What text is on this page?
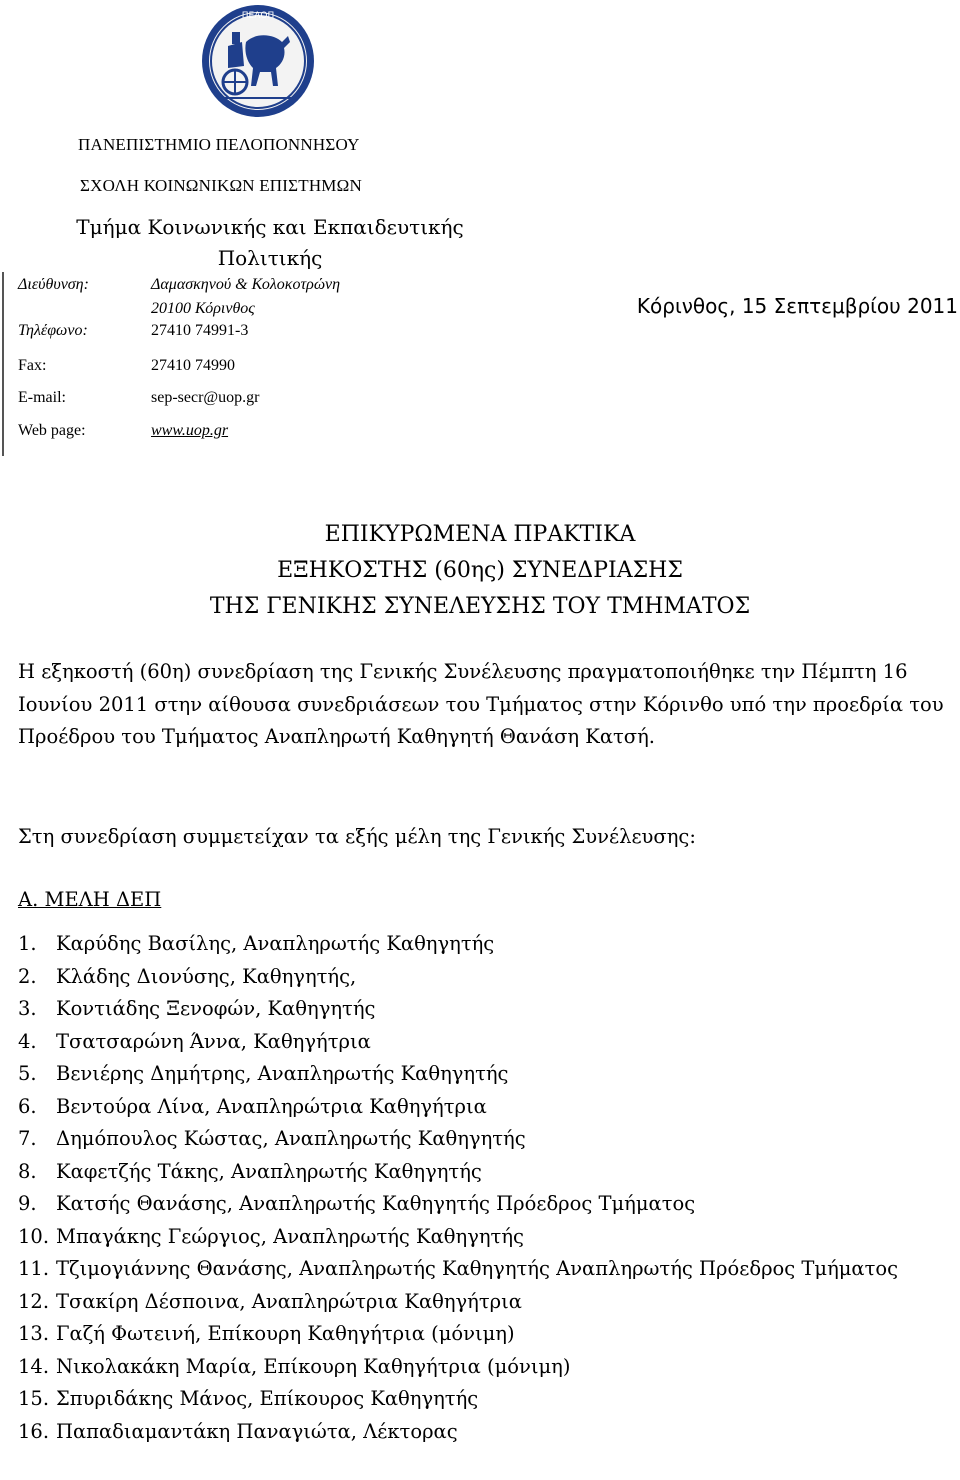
ΠΕΛΟΠ
ΠΑΝΕΠΙΣΤΗΜΙΟ ΠΕΛΟΠΟΝΝΗΣΟΥ
ΣΧΟΛΗ ΚΟΙΝΩΝΙΚΩΝ ΕΠΙΣΤΗΜΩΝ
Τμήμα Κοινωνικής και Εκπαιδευτικής
Πολιτικής
Διεύθυνση:	Δαμασκηνού & Κολοκοτρώνη
20100 Κόρινθος
Τηλέφωνο:	27410 74991-3
Fax:	27410 74990
E-mail:	sep-secr@uop.gr
Web page:	www.uop.gr
Κόρινθος, 15 Σεπτεμβρίου 2011
ΕΠΙΚΥΡΩΜΕΝΑ ΠΡΑΚΤΙΚΑ
ΕΞΗΚΟΣΤΗΣ (60ης) ΣΥΝΕΔΡΙΑΣΗΣ
ΤΗΣ ΓΕΝΙΚΗΣ ΣΥΝΕΛΕΥΣΗΣ ΤΟΥ ΤΜΗΜΑΤΟΣ
Η εξηκοστή (60η) συνεδρίαση της Γενικής Συνέλευσης πραγματοποιήθηκε την Πέμπτη 16 Ιουνίου 2011 στην αίθουσα συνεδριάσεων του Τμήματος στην Κόρινθο υπό την προεδρία του Προέδρου του Τμήματος Αναπληρωτή Καθηγητή Θανάση Κατσή.
Στη συνεδρίαση συμμετείχαν τα εξής μέλη της Γενικής Συνέλευσης:
Α. ΜΕΛΗ ΔΕΠ
1. Καρύδης Βασίλης, Αναπληρωτής Καθηγητής
2. Κλάδης Διονύσης, Καθηγητής,
3. Κοντιάδης Ξενοφών, Καθηγητής
4. Τσατσαρώνη Άννα, Καθηγήτρια
5. Βενιέρης Δημήτρης, Αναπληρωτής Καθηγητής
6. Βεντούρα Λίνα, Αναπληρώτρια Καθηγήτρια
7. Δημόπουλος Κώστας, Αναπληρωτής Καθηγητής
8. Καφετζής Τάκης, Αναπληρωτής Καθηγητής
9. Κατσής Θανάσης, Αναπληρωτής Καθηγητής Πρόεδρος Τμήματος
10. Μπαγάκης Γεώργιος, Αναπληρωτής Καθηγητής
11. Τζιμογιάννης Θανάσης, Αναπληρωτής Καθηγητής Αναπληρωτής Πρόεδρος Τμήματος
12. Τσακίρη Δέσποινα, Αναπληρώτρια Καθηγήτρια
13. Γαζή Φωτεινή, Επίκουρη Καθηγήτρια (μόνιμη)
14. Νικολακάκη Μαρία, Επίκουρη Καθηγήτρια (μόνιμη)
15. Σπυριδάκης Μάνος, Επίκουρος Καθηγητής
16. Παπαδιαμαντάκη Παναγιώτα, Λέκτορας
